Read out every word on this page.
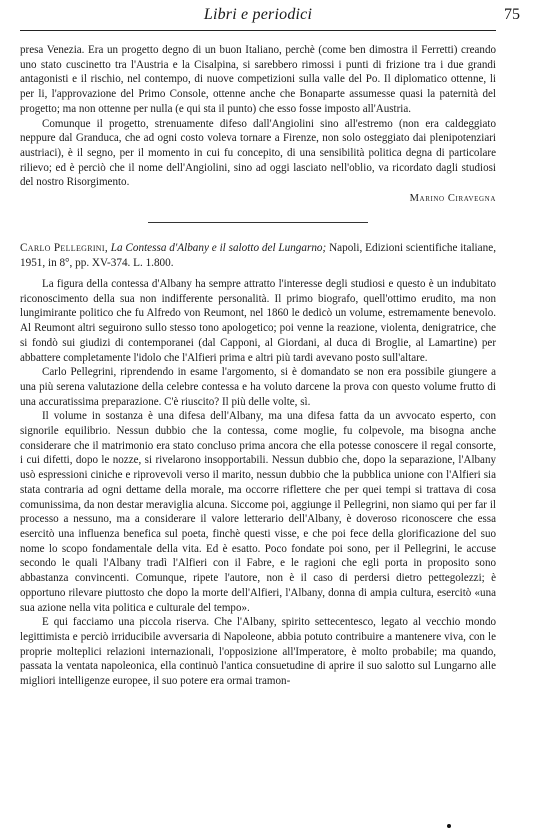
Libri e periodici	75

presa Venezia. Era un progetto degno di un buon Italiano, perchè (come ben dimostra il Ferretti) creando uno stato cuscinetto tra l'Austria e la Cisalpina, si sarebbero rimossi i punti di frizione tra i due grandi antagonisti e il rischio, nel contempo, di nuove competizioni sulla valle del Po. Il diplomatico ottenne, li per li, l'approvazione del Primo Console, ottenne anche che Bonaparte assumesse quasi la paternità del progetto; ma non ottenne per nulla (e qui sta il punto) che esso fosse imposto all'Austria.

Comunque il progetto, strenuamente difeso dall'Angiolini sino all'estremo (non era caldeggiato neppure dal Granduca, che ad ogni costo voleva tornare a Firenze, non solo osteggiato dai plenipotenziari austriaci), è il segno, per il momento in cui fu concepito, di una sensibilità politica degna di particolare rilievo; ed è perciò che il nome dell'Angiolini, sino ad oggi lasciato nell'oblio, va ricordato dagli studiosi del nostro Risorgimento.

Marino Ciravegna
Carlo Pellegrini, La Contessa d'Albany e il salotto del Lungarno; Napoli, Edizioni scientifiche italiane, 1951, in 8°, pp. XV-374. L. 1.800.

La figura della contessa d'Albany ha sempre attratto l'interesse degli studiosi e questo è un indubitato riconoscimento della sua non indifferente personalità. Il primo biografo, quell'ottimo erudito, ma non lungimirante politico che fu Alfredo von Reumont, nel 1860 le dedicò un volume, estremamente benevolo. Al Reumont altri seguirono sullo stesso tono apologetico; poi venne la reazione, violenta, denigratrice, che si fondò sui giudizi di contemporanei (dal Capponi, al Giordani, al duca di Broglie, al Lamartine) per abbattere completamente l'idolo che l'Alfieri prima e altri più tardi avevano posto sull'altare.

Carlo Pellegrini, riprendendo in esame l'argomento, si è domandato se non era possibile giungere a una più serena valutazione della celebre contessa e ha voluto darcene la prova con questo volume frutto di una accuratissima preparazione. C'è riuscito? Il più delle volte, sì.

Il volume in sostanza è una difesa dell'Albany, ma una difesa fatta da un avvocato esperto, con signorile equilibrio. Nessun dubbio che la contessa, come moglie, fu colpevole, ma bisogna anche considerare che il matrimonio era stato concluso prima ancora che ella potesse conoscere il regal consorte, i cui difetti, dopo le nozze, si rivelarono insopportabili. Nessun dubbio che, dopo la separazione, l'Albany usò espressioni ciniche e riprovevoli verso il marito, nessun dubbio che la pubblica unione con l'Alfieri sia stata contraria ad ogni dettame della morale, ma occorre riflettere che per quei tempi si trattava di cosa comunissima, da non destar meraviglia alcuna. Siccome poi, aggiunge il Pellegrini, non siamo qui per far il processo a nessuno, ma a considerare il valore letterario dell'Albany, è doveroso riconoscere che essa esercitò una influenza benefica sul poeta, finchè questi visse, e che poi fece della glorificazione del suo nome lo scopo fondamentale della vita. Ed è esatto. Poco fondate poi sono, per il Pellegrini, le accuse secondo le quali l'Albany tradì l'Alfieri con il Fabre, e le ragioni che egli porta in proposito sono abbastanza convincenti. Comunque, ripete l'autore, non è il caso di perdersi dietro pettegolezzi; è opportuno rilevare piuttosto che dopo la morte dell'Alfieri, l'Albany, donna di ampia cultura, esercitò «una sua azione nella vita politica e culturale del tempo».

E qui facciamo una piccola riserva. Che l'Albany, spirito settecentesco, legato al vecchio mondo legittimista e perciò irriducibile avversaria di Napoleone, abbia potuto contribuire a mantenere viva, con le proprie molteplici relazioni internazionali, l'opposizione all'Imperatore, è molto probabile; ma quando, passata la ventata napoleonica, ella continuò l'antica consuetudine di aprire il suo salotto sul Lungarno alle migliori intelligenze europee, il suo potere era ormai tramon-
